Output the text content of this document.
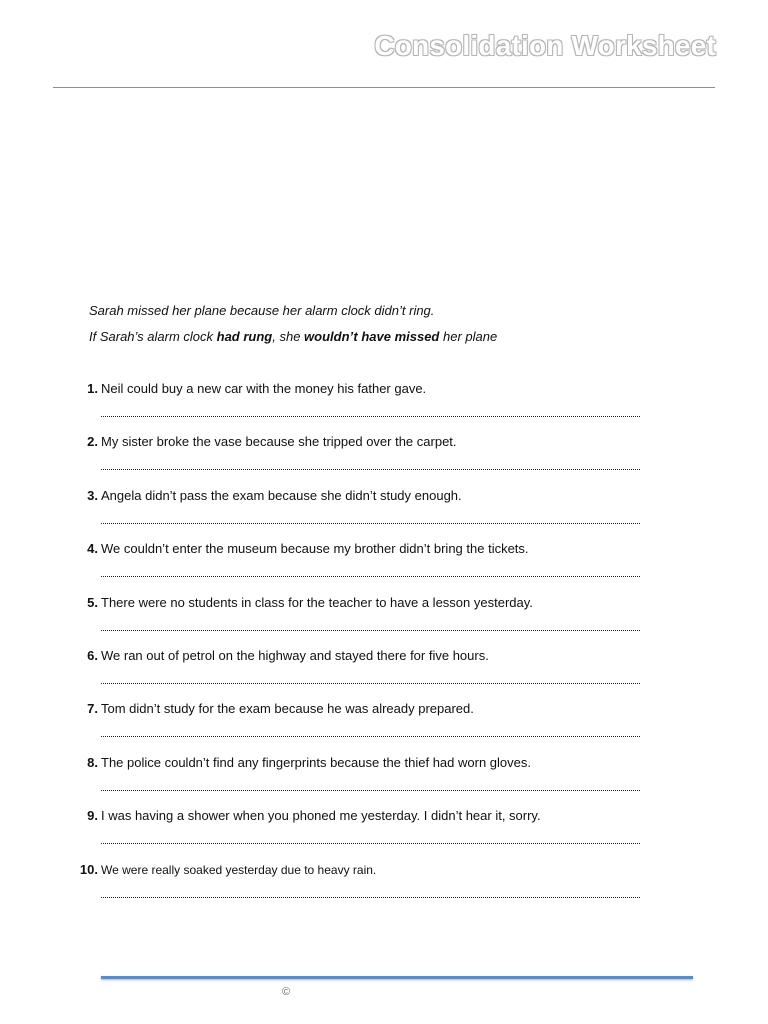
Consolidation Worksheet
Sarah missed her plane because her alarm clock didn’t ring.
If Sarah’s alarm clock had rung, she wouldn’t have missed her plane
1. Neil could buy a new car with the money his father gave.
2. My sister broke the vase because she tripped over the carpet.
3. Angela didn’t pass the exam because she didn’t study enough.
4. We couldn’t enter the museum because my brother didn’t bring the tickets.
5. There were no students in class for the teacher to have a lesson yesterday.
6. We ran out of petrol on the highway and stayed there for five hours.
7. Tom didn’t study for the exam because he was already prepared.
8. The police couldn’t find any fingerprints because the thief had worn gloves.
9. I was having a shower when you phoned me yesterday. I didn’t hear it, sorry.
10. We were really soaked yesterday due to heavy rain.
©
